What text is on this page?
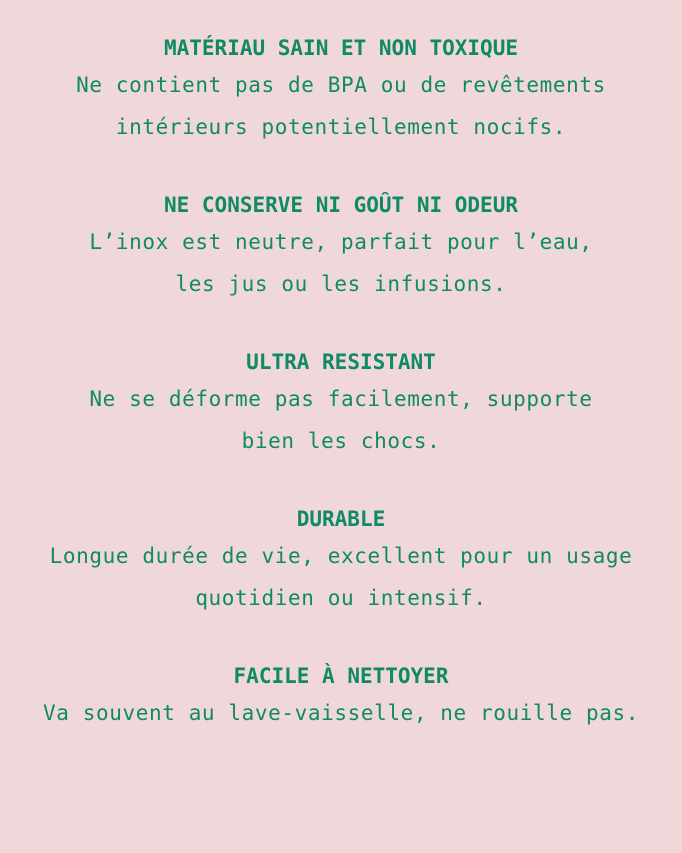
MATÉRIAU SAIN ET NON TOXIQUE
Ne contient pas de BPA ou de revêtements
intérieurs potentiellement nocifs.
NE CONSERVE NI GOÛT NI ODEUR
L’inox est neutre, parfait pour l’eau,
les jus ou les infusions.
ULTRA RESISTANT
Ne se déforme pas facilement, supporte
bien les chocs.
DURABLE
Longue durée de vie, excellent pour un usage
quotidien ou intensif.
FACILE À NETTOYER
Va souvent au lave-vaisselle, ne rouille pas.
